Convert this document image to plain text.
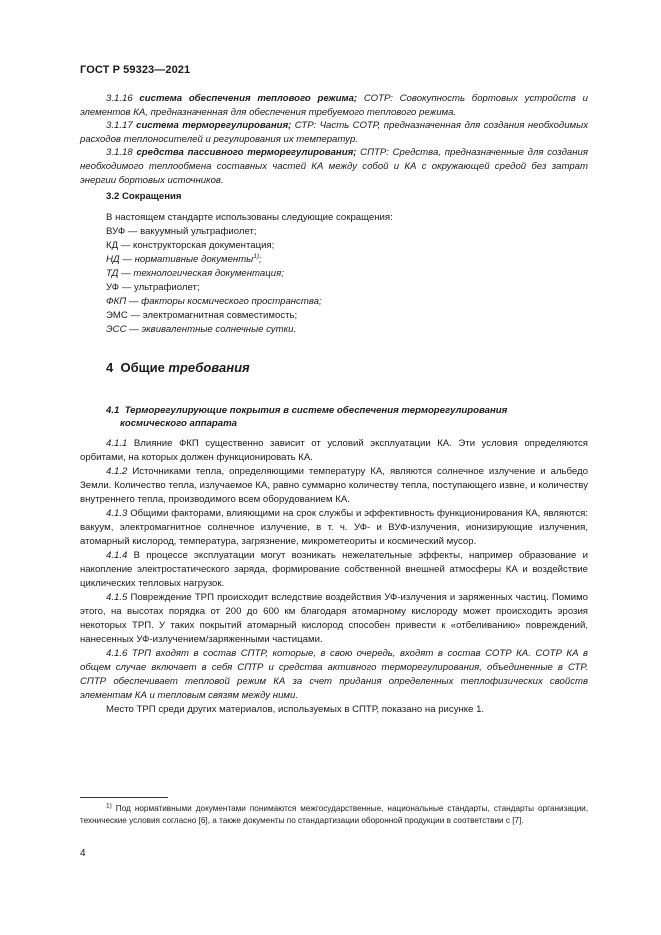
ГОСТ Р 59323—2021

3.1.16 система обеспечения теплового режима; СОТР: Совокупность бортовых устройств и элементов КА, предназначенная для обеспечения требуемого теплового режима.

3.1.17 система терморегулирования; СТР: Часть СОТР, предназначенная для создания необходимых расходов теплоносителей и регулирования их температур.

3.1.18 средства пассивного терморегулирования; СПТР: Средства, предназначенные для создания необходимого теплообмена составных частей КА между собой и КА с окружающей средой без затрат энергии бортовых источников.

3.2 Сокращения
В настоящем стандарте использованы следующие сокращения:
ВУФ — вакуумный ультрафиолет;
КД — конструкторская документация;
НД — нормативные документы$^{1)}$;
ТД — технологическая документация;
УФ — ультрафиолет;
ФКП — факторы космического пространства;
ЭМС — электромагнитная совместимость;
ЭСС — эквивалентные солнечные сутки.
4 Общие требования
4.1 Терморегулирующие покрытия в системе обеспечения терморегулирования
космического аппарата

4.1.1 Влияние ФКП существенно зависит от условий эксплуатации КА. Эти условия определяются орбитами, на которых должен функционировать КА.

4.1.2 Источниками тепла, определяющими температуру КА, являются солнечное излучение и альбедо Земли. Количество тепла, излучаемое КА, равно суммарно количеству тепла, поступающего извне, и количеству внутреннего тепла, производимого всем оборудованием КА.

4.1.3 Общими факторами, влияющими на срок службы и эффективность функционирования КА, являются: вакуум, электромагнитное солнечное излучение, в т. ч. УФ- и ВУФ-излучения, ионизирующие излучения, атомарный кислород, температура, загрязнение, микрометеориты и космический мусор.

4.1.4 В процессе эксплуатации могут возникать нежелательные эффекты, например образование и накопление электростатического заряда, формирование собственной внешней атмосферы КА и воздействие циклических тепловых нагрузок.

4.1.5 Повреждение ТРП происходит вследствие воздействия УФ-излучения и заряженных частиц. Помимо этого, на высотах порядка от 200 до 600 км благодаря атомарному кислороду может происходить эрозия некоторых ТРП. У таких покрытий атомарный кислород способен привести к «отбеливанию» повреждений, нанесенных УФ-излучением/заряженными частицами.

4.1.6 ТРП входят в состав СПТР, которые, в свою очередь, входят в состав СОТР КА. СОТР КА в общем случае включает в себя СПТР и средства активного терморегулирования, объединенные в СТР. СПТР обеспечивает тепловой режим КА за счет придания определенных теплофизических свойств элементам КА и тепловым связям между ними.

Место ТРП среди других материалов, используемых в СПТР, показано на рисунке 1.

$^{1)}$ Под нормативными документами понимаются межгосударственные, национальные стандарты, стандарты организации, технические условия согласно [6], а также документы по стандартизации оборонной продукции в соответствии с [7].
4
